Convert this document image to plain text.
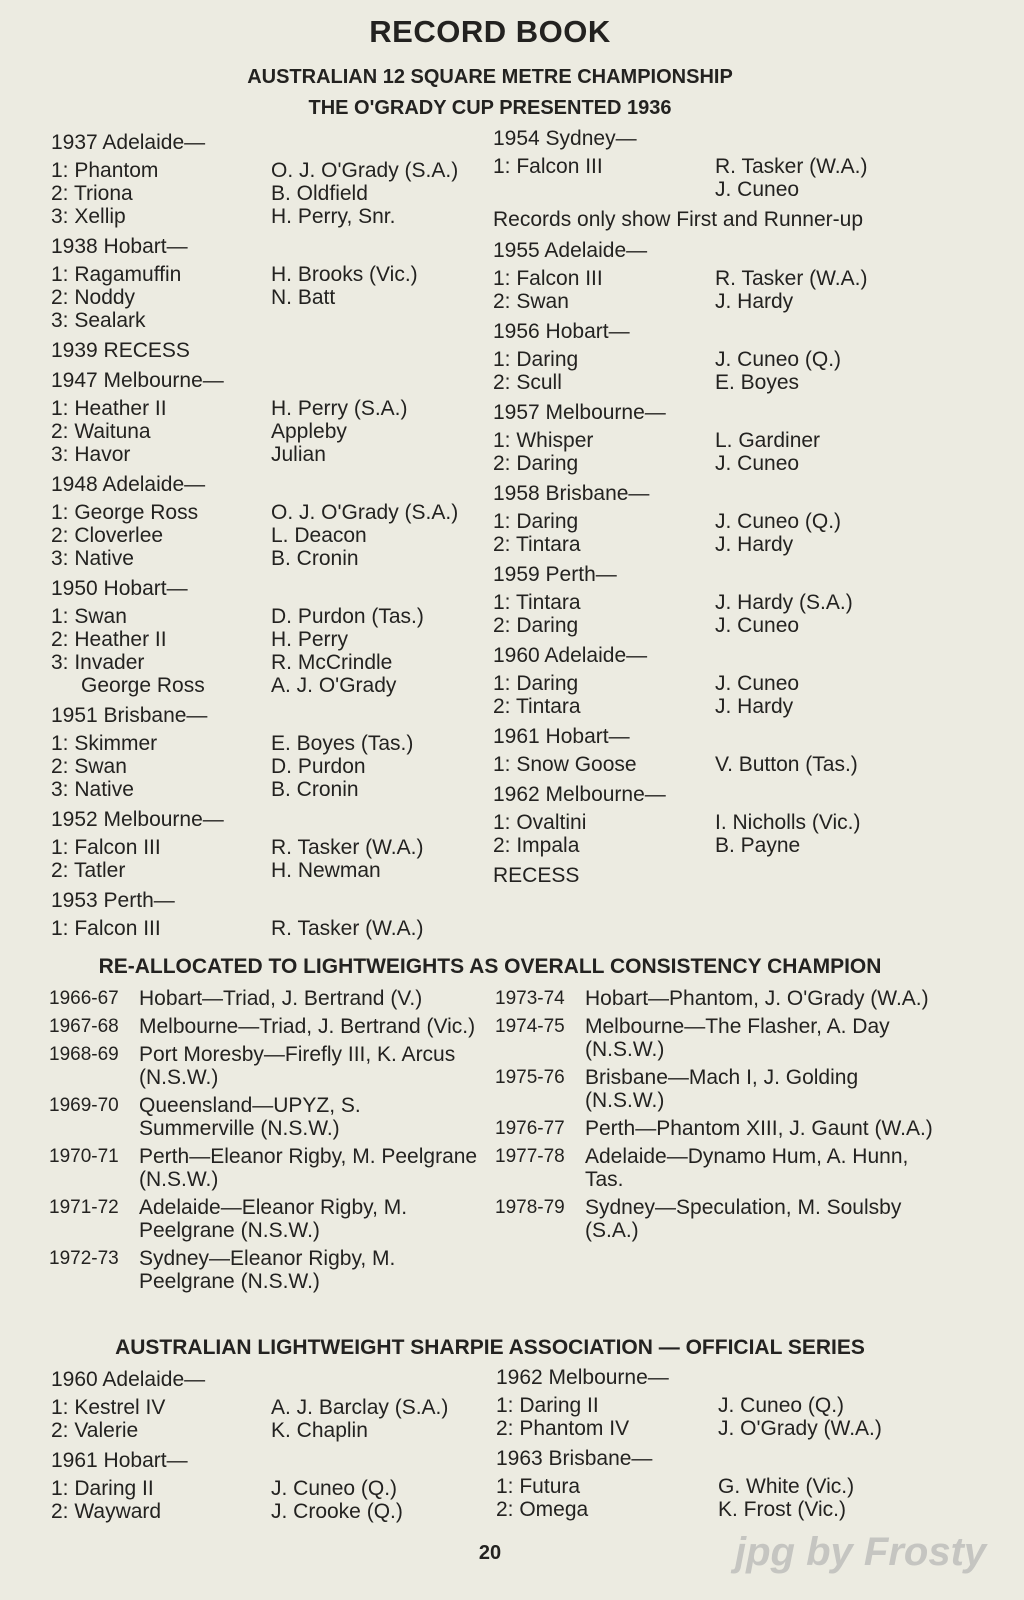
RECORD BOOK
AUSTRALIAN 12 SQUARE METRE CHAMPIONSHIP
THE O'GRADY CUP PRESENTED 1936
1937 Adelaide—
1: Phantom	O. J. O'Grady (S.A.)
2: Triona	B. Oldfield
3: Xellip	H. Perry, Snr.
1938 Hobart—
1: Ragamuffin	H. Brooks (Vic.)
2: Noddy	N. Batt
3: Sealark
1939 RECESS
1947 Melbourne—
1: Heather II	H. Perry (S.A.)
2: Waituna	Appleby
3: Havor	Julian
1948 Adelaide—
1: George Ross	O. J. O'Grady (S.A.)
2: Cloverlee	L. Deacon
3: Native	B. Cronin
1950 Hobart—
1: Swan	D. Purdon (Tas.)
2: Heather II	H. Perry
3: Invader	R. McCrindle
George Ross	A. J. O'Grady
1951 Brisbane—
1: Skimmer	E. Boyes (Tas.)
2: Swan	D. Purdon
3: Native	B. Cronin
1952 Melbourne—
1: Falcon III	R. Tasker (W.A.)
2: Tatler	H. Newman
1953 Perth—
1: Falcon III	R. Tasker (W.A.)
1954 Sydney—
1: Falcon III	R. Tasker (W.A.)
J. Cuneo
Records only show First and Runner-up
1955 Adelaide—
1: Falcon III	R. Tasker (W.A.)
2: Swan	J. Hardy
1956 Hobart—
1: Daring	J. Cuneo (Q.)
2: Scull	E. Boyes
1957 Melbourne—
1: Whisper	L. Gardiner
2: Daring	J. Cuneo
1958 Brisbane—
1: Daring	J. Cuneo (Q.)
2: Tintara	J. Hardy
1959 Perth—
1: Tintara	J. Hardy (S.A.)
2: Daring	J. Cuneo
1960 Adelaide—
1: Daring	J. Cuneo
2: Tintara	J. Hardy
1961 Hobart—
1: Snow Goose	V. Button (Tas.)
1962 Melbourne—
1: Ovaltini	I. Nicholls (Vic.)
2: Impala	B. Payne
RECESS
RE-ALLOCATED TO LIGHTWEIGHTS AS OVERALL CONSISTENCY CHAMPION
1966-67 Hobart—Triad, J. Bertrand (V.)
1967-68 Melbourne—Triad, J. Bertrand (Vic.)
1968-69 Port Moresby—Firefly III, K. Arcus (N.S.W.)
1969-70 Queensland—UPYZ, S. Summerville (N.S.W.)
1970-71 Perth—Eleanor Rigby, M. Peelgrane (N.S.W.)
1971-72 Adelaide—Eleanor Rigby, M. Peelgrane (N.S.W.)
1972-73 Sydney—Eleanor Rigby, M. Peelgrane (N.S.W.)
1973-74 Hobart—Phantom, J. O'Grady (W.A.)
1974-75 Melbourne—The Flasher, A. Day (N.S.W.)
1975-76 Brisbane—Mach I, J. Golding (N.S.W.)
1976-77 Perth—Phantom XIII, J. Gaunt (W.A.)
1977-78 Adelaide—Dynamo Hum, A. Hunn, Tas.
1978-79 Sydney—Speculation, M. Soulsby (S.A.)
AUSTRALIAN LIGHTWEIGHT SHARPIE ASSOCIATION — OFFICIAL SERIES
1960 Adelaide—
1: Kestrel IV	A. J. Barclay (S.A.)
2: Valerie	K. Chaplin
1961 Hobart—
1: Daring II	J. Cuneo (Q.)
2: Wayward	J. Crooke (Q.)
1962 Melbourne—
1: Daring II	J. Cuneo (Q.)
2: Phantom IV	J. O'Grady (W.A.)
1963 Brisbane—
1: Futura	G. White (Vic.)
2: Omega	K. Frost (Vic.)
20	jpg by Frosty
